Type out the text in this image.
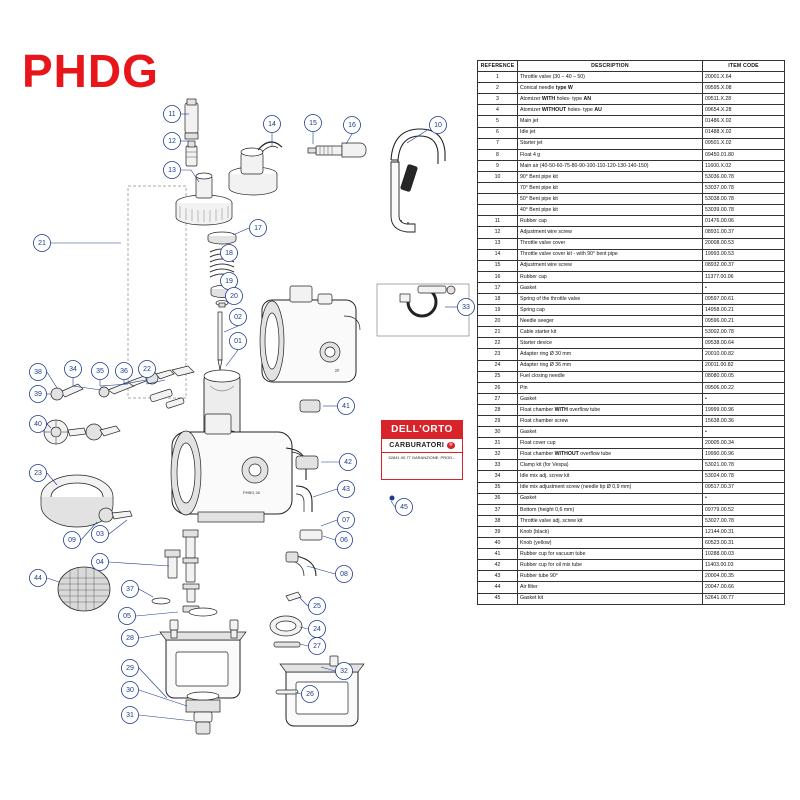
PHDG
20
PHBG 26
11
12
13
14	15	16	10
17
18
21
19
20
02
01
33
34	35 36 22
38
39
40
41
23
42
43
45
09
03
06
44
37
04
08
05
25
28
24
27
29	32
30
31
26
07
DELL'ORTO
CARBURATORI	®
52841.00.77 GARANZIONE: PROD...
REFERENCE	DESCRIPTION	ITEM CODE
1	Throttle valve (30 – 40 – 50)	20001.X.64
2	Conical needle type W	09595.X.08
3	Atomizer WITH holes- type AN	09511.X.28
4	Atomizer WITHOUT holes- type AU	09654.X.28
5	Main jet	01486.X.02
6	Idle jet	01488.X.02
7	Starter jet	09501.X.02
8	Float 4 g	09450.01.80
9	Main air (40-50-60-75-80-90-100-110-120-130-140-150)	11600.X.02
10	90° Bent pipe kit	53036.00.78
	70° Bent pipe kit	53037.00.78
	50° Bent pipe kit	53038.00.78
	40° Bent pipe kit	53039.00.78
11	Rubber cap	01476.00.06
12	Adjustment wire screw	08931.00.37
13	Throttle valve cover	20008.00.53
14	Throttle valve cover kit - with 90° bent pipe	19993.00.53
15	Adjustment wire screw	08932.00.37
16	Rubber cap	11377.00.06
17	Gasket	•
18	Spring of the throttle valve	09597.00.61
19	Spring cap	14958.00.21
20	Needle seeger	09596.00.21
21	Cable starter kit	53002.00.78
22	Starter device	09538.00.64
23	Adapter ring Ø 30 mm	20010.00.82
24	Adapter ring Ø 36 mm	20011.00.82
25	Fuel closing needle	08080.00.05
26	Pin	09506.00.22
27	Gasket	•
28	Float chamber WITH overflow tube	19999.00.96
29	Float chamber screw	15638.00.36
30	Gasket	•
31	Float cover cup	20005.00.34
32	Float chamber WITHOUT overflow tube	19990.00.96
33	Clamp kit (for Vespa)	53021.00.78
34	Idle mix adj. screw kit	53024.00.78
35	Idle mix adjustment screw (needle tip Ø 0,9 mm)	09517.00.37
36	Gasket	•
37	Bottom (height 0,6 mm)	09779.00.52
38	Throttle valve adj. screw kit	53027.00.78
39	Knob (black)	12144.00.31
40	Knob (yellow)	60523.00.31
41	Rubber cup for vacuum tube	10288.00.03
42	Rubber cup for oil mix tube	11403.00.03
43	Rubber tube 90°	20004.00.35
44	Air filter	20047.00.66
45	Gasket kit	52641.00.77
